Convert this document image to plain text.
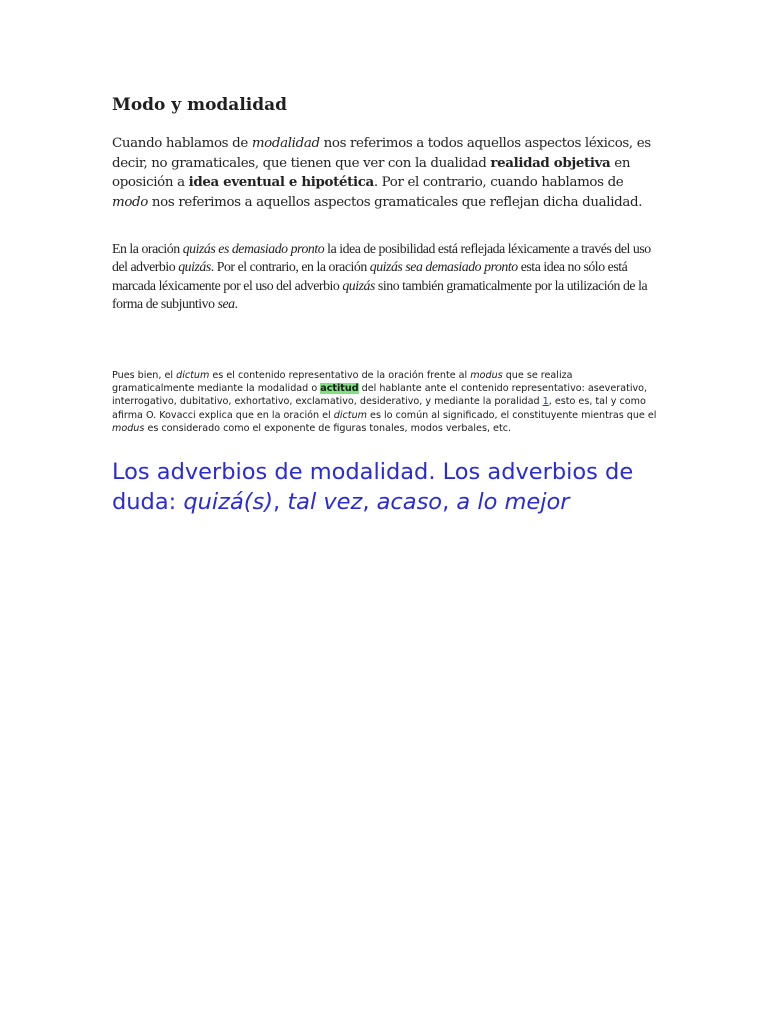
Modo y modalidad

Cuando hablamos de modalidad nos referimos a todos aquellos aspectos léxicos, es decir, no gramaticales, que tienen que ver con la dualidad realidad objetiva en oposición a idea eventual e hipotética. Por el contrario, cuando hablamos de modo nos referimos a aquellos aspectos gramaticales que reflejan dicha dualidad.

En la oración quizás es demasiado pronto la idea de posibilidad está reflejada léxicamente a través del uso del adverbio quizás. Por el contrario, en la oración quizás sea demasiado pronto esta idea no sólo está marcada léxicamente por el uso del adverbio quizás sino también gramaticalmente por la utilización de la forma de subjuntivo sea.

Pues bien, el dictum es el contenido representativo de la oración frente al modus que se realiza gramaticalmente mediante la modalidad o actitud del hablante ante el contenido representativo: aseverativo, interrogativo, dubitativo, exhortativo, exclamativo, desiderativo, y mediante la poralidad 1, esto es, tal y como afirma O. Kovacci explica que en la oración el dictum es lo común al significado, el constituyente mientras que el modus es considerado como el exponente de figuras tonales, modos verbales, etc.

Los adverbios de modalidad. Los adverbios de duda: quizá(s), tal vez, acaso, a lo mejor
